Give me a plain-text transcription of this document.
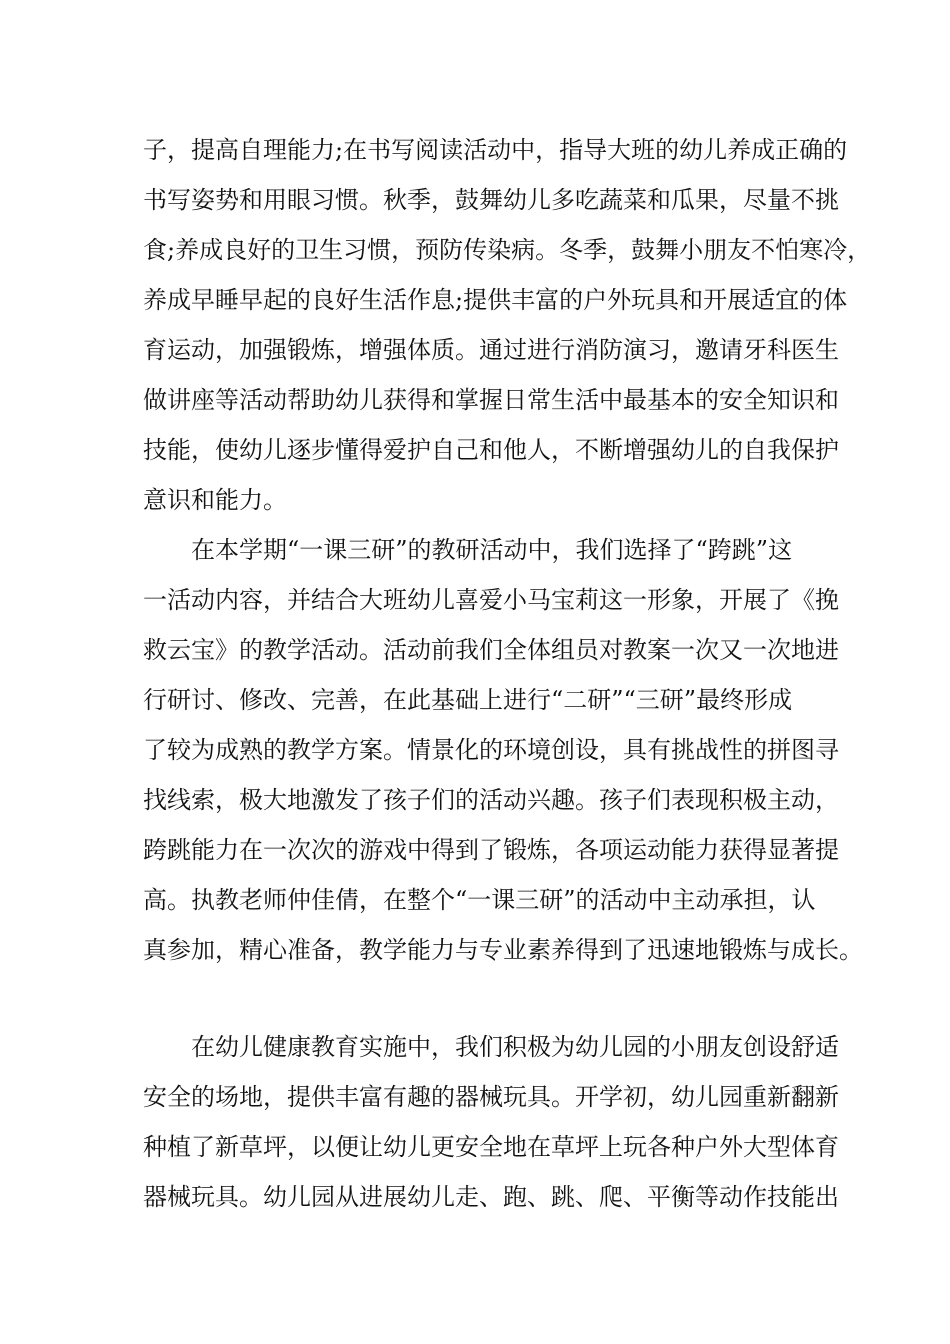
子，提高自理能力;在书写阅读活动中，指导大班的幼儿养成正确的
书写姿势和用眼习惯。秋季，鼓舞幼儿多吃蔬菜和瓜果，尽量不挑
食;养成良好的卫生习惯，预防传染病。冬季，鼓舞小朋友不怕寒冷，
养成早睡早起的良好生活作息;提供丰富的户外玩具和开展适宜的体
育运动，加强锻炼，增强体质。通过进行消防演习，邀请牙科医生
做讲座等活动帮助幼儿获得和掌握日常生活中最基本的安全知识和
技能，使幼儿逐步懂得爱护自己和他人，不断增强幼儿的自我保护
意识和能力。
在本学期“一课三研”的教研活动中，我们选择了“跨跳”这
一活动内容，并结合大班幼儿喜爱小马宝莉这一形象，开展了《挽
救云宝》的教学活动。活动前我们全体组员对教案一次又一次地进
行研讨、修改、完善，在此基础上进行“二研”“三研”最终形成
了较为成熟的教学方案。情景化的环境创设，具有挑战性的拼图寻
找线索，极大地激发了孩子们的活动兴趣。孩子们表现积极主动，
跨跳能力在一次次的游戏中得到了锻炼，各项运动能力获得显著提
高。执教老师仲佳倩，在整个“一课三研”的活动中主动承担，认
真参加，精心准备，教学能力与专业素养得到了迅速地锻炼与成长。
在幼儿健康教育实施中，我们积极为幼儿园的小朋友创设舒适
安全的场地，提供丰富有趣的器械玩具。开学初，幼儿园重新翻新
种植了新草坪，以便让幼儿更安全地在草坪上玩各种户外大型体育
器械玩具。幼儿园从进展幼儿走、跑、跳、爬、平衡等动作技能出
